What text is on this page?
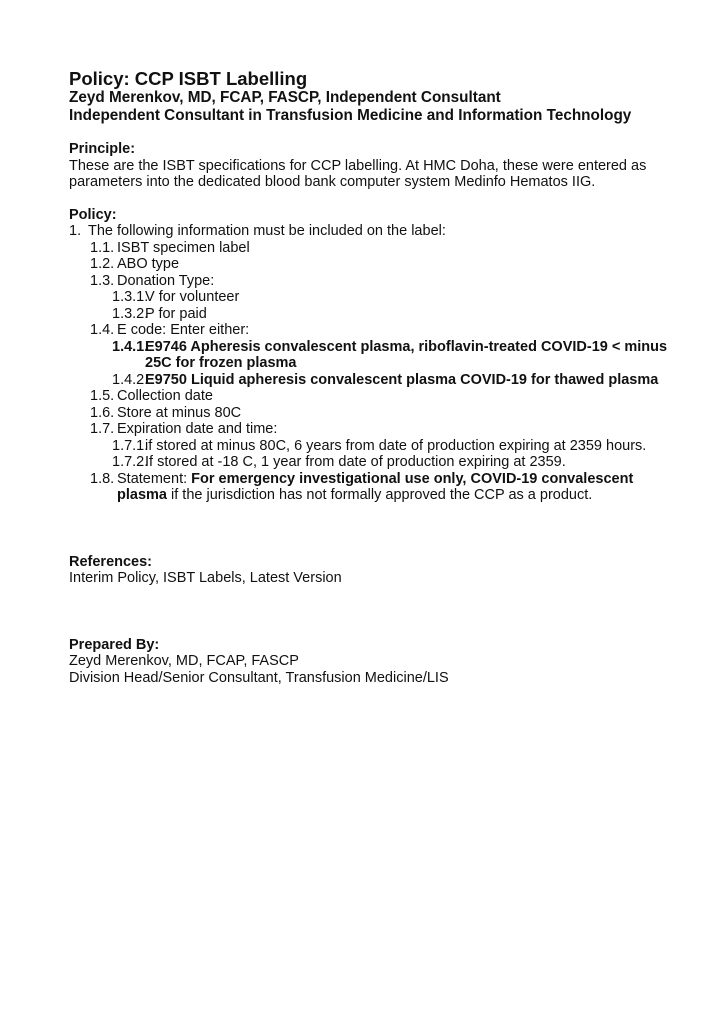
Policy: CCP ISBT Labelling

Zeyd Merenkov, MD, FCAP, FASCP, Independent Consultant

Independent Consultant in Transfusion Medicine and Information Technology

Principle:

These are the ISBT specifications for CCP labelling. At HMC Doha, these were entered as parameters into the dedicated blood bank computer system Medinfo Hematos IIG.

Policy:

1. The following information must be included on the label:
1.1. ISBT specimen label
1.2. ABO type
1.3. Donation Type:
1.3.1.
V for volunteer
1.3.2.
P for paid
1.4. E code: Enter either:
1.4.1.
E9746 Apheresis convalescent plasma, riboflavin-treated COVID-19 < minus 25C for frozen plasma
1.4.2.
E9750 Liquid apheresis convalescent plasma COVID-19 for thawed plasma
1.5. Collection date
1.6. Store at minus 80C
1.7. Expiration date and time:
1.7.1.
if stored at minus 80C, 6 years from date of production expiring at 2359 hours.
1.7.2.
If stored at -18 C, 1 year from date of production expiring at 2359.
1.8. Statement: For emergency investigational use only, COVID-19 convalescent plasma if the jurisdiction has not formally approved the CCP as a product.

References:

Interim Policy, ISBT Labels, Latest Version

Prepared By:

Zeyd Merenkov, MD, FCAP, FASCP

Division Head/Senior Consultant, Transfusion Medicine/LIS
